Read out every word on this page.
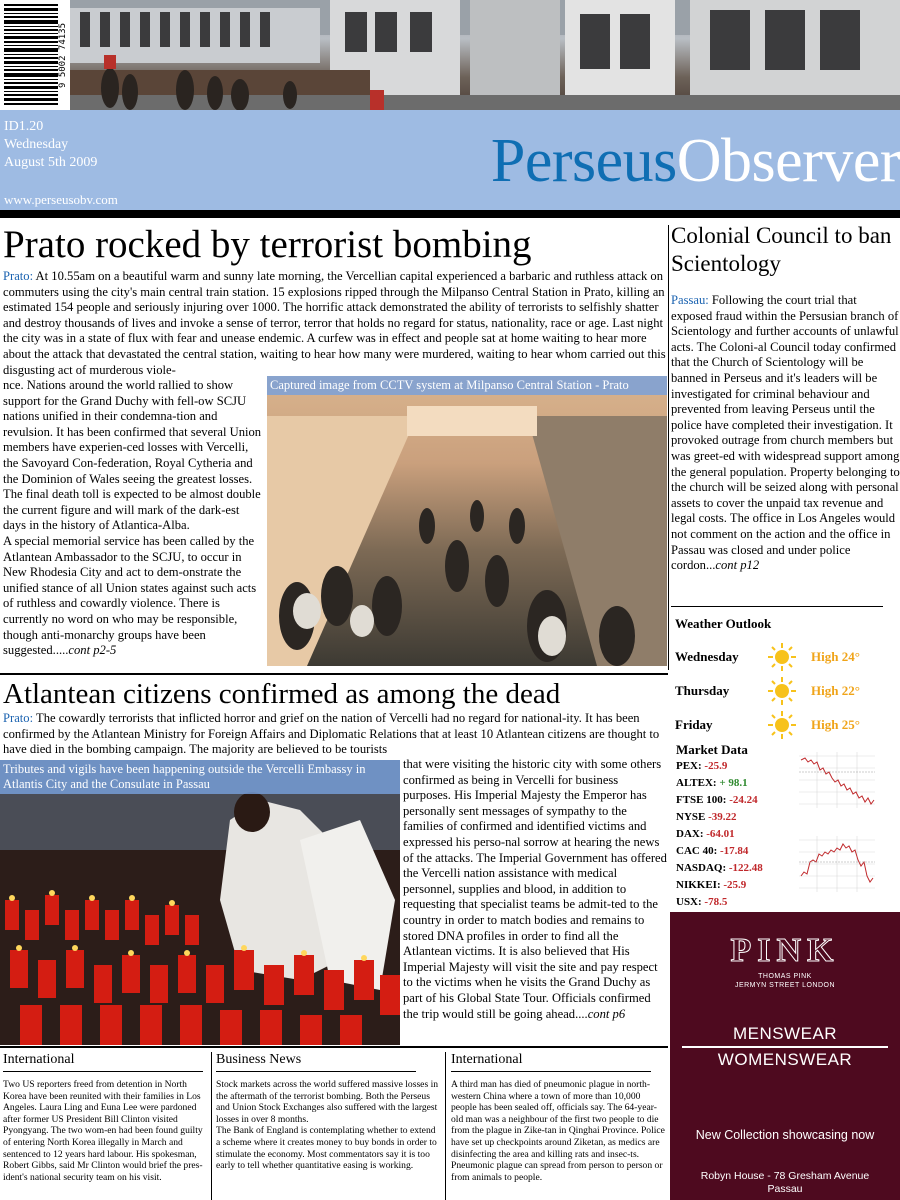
9 5002 74135
ID1.20
Wednesday
August 5th 2009
www.perseusobv.com
PerseusObserver
Prato rocked by terrorist bombing

Prato: At 10.55am on a beautiful warm and sunny late morning, the Vercellian capital experienced a barbaric and ruthless attack on commuters using the city's main central train station. 15 explosions ripped through the Milpanso Central Station in Prato, killing an estimated 154 people and seriously injuring over 1000. The horrific attack demonstrated the ability of terrorists to selfishly shatter and destroy thousands of lives and invoke a sense of terror, terror that holds no regard for status, nationality, race or age. Last night the city was in a state of flux with fear and unease endemic. A curfew was in effect and people sat at home waiting to hear more about the attack that devastated the central station, waiting to hear how many were murdered, waiting to hear whom carried out this disgusting act of murderous viole-

nce. Nations around the world rallied to show support for the Grand Duchy with fell-ow SCJU nations unified in their condemna-tion and revulsion. It has been confirmed that several Union members have experien-ced losses with Vercelli, the Savoyard Con-federation, Royal Cytheria and the Dominion of Wales seeing the greatest losses. The final death toll is expected to be almost double the current figure and will mark of the dark-est days in the history of Atlantica-Alba.

A special memorial service has been called by the Atlantean Ambassador to the SCJU, to occur in New Rhodesia City and act to dem-onstrate the unified stance of all Union states against such acts of ruthless and cowardly violence. There is currently no word on who may be responsible, though anti-monarchy groups have been suggested.....cont p2-5

Captured image from CCTV system at Milpanso Central Station - Prato
Atlantean citizens confirmed as among the dead

Prato: The cowardly terrorists that inflicted horror and grief on the nation of Vercelli had no regard for national-ity. It has been confirmed by the Atlantean Ministry for Foreign Affairs and Diplomatic Relations that at least 10 Atlantean citizens are thought to have died in the bombing campaign. The majority are believed to be tourists

Tributes and vigils have been happening outside the Vercelli Embassy in Atlantis City and the Consulate in Passau

that were visiting the historic city with some others confirmed as being in Vercelli for business purposes. His Imperial Majesty the Emperor has personally sent messages of sympathy to the families of confirmed and identified victims and expressed his perso-nal sorrow at hearing the news of the attacks. The Imperial Government has offered the Vercelli nation assistance with medical personnel, supplies and blood, in addition to requesting that specialist teams be admit-ted to the country in order to match bodies and remains to stored DNA profiles in order to find all the Atlantean victims. It is also believed that His Imperial Majesty will visit the site and pay respect to the victims when he visits the Grand Duchy as part of his Global State Tour. Officials confirmed the trip would still be going ahead....cont p6

Colonial Council to ban Scientology

Passau: Following the court trial that exposed fraud within the Persusian branch of Scientology and further accounts of unlawful acts. The Coloni-al Council today confirmed that the Church of Scientology will be banned in Perseus and it's leaders will be investigated for criminal behaviour and prevented from leaving Perseus until the police have completed their investigation. It provoked outrage from church members but was greet-ed with widespread support among the general population. Property belonging to the church will be seized along with personal assets to cover the unpaid tax revenue and legal costs. The office in Los Angeles would not comment on the action and the office in Passau was closed and under police cordon...cont p12

Weather Outlook
Wednesday	High 24°
Thursday	High 22°
Friday	High 25°
Market Data
PEX: -25.9
ALTEX: + 98.1
FTSE 100: -24.24
NYSE -39.22
DAX: -64.01
CAC 40: -17.84
NASDAQ: -122.48
NIKKEI: -25.9
USX: -78.5
PINK
THOMAS PINK
JERMYN STREET LONDON
MENSWEAR
WOMENSWEAR
New Collection showcasing now
Robyn House - 78 Gresham Avenue
Passau
International

Two US reporters freed from detention in North Korea have been reunited with their families in Los Angeles. Laura Ling and Euna Lee were pardoned after former US President Bill Clinton visited Pyongyang. The two wom-en had been found guilty of entering North Korea illegally in March and sentenced to 12 years hard labour. His spokesman, Robert Gibbs, said Mr Clinton would brief the pres-ident's national security team on his visit.

Business News

Stock markets across the world suffered massive losses in the aftermath of the terrorist bombing. Both the Perseus and Union Stock Exchanges also suffered with the largest losses in over 8 months.
The Bank of England is contemplating whether to extend a scheme where it creates money to buy bonds in order to stimulate the economy. Most commentators say it is too early to tell whether quantitative easing is working.

International

A third man has died of pneumonic plague in north-western China where a town of more than 10,000 people has been sealed off, officials say. The 64-year-old man was a neighbour of the first two people to die from the plague in Zike-tan in Qinghai Province. Police have set up checkpoints around Ziketan, as medics are disinfecting the area and killing rats and insec-ts. Pneumonic plague can spread from person to person or from animals to people.
